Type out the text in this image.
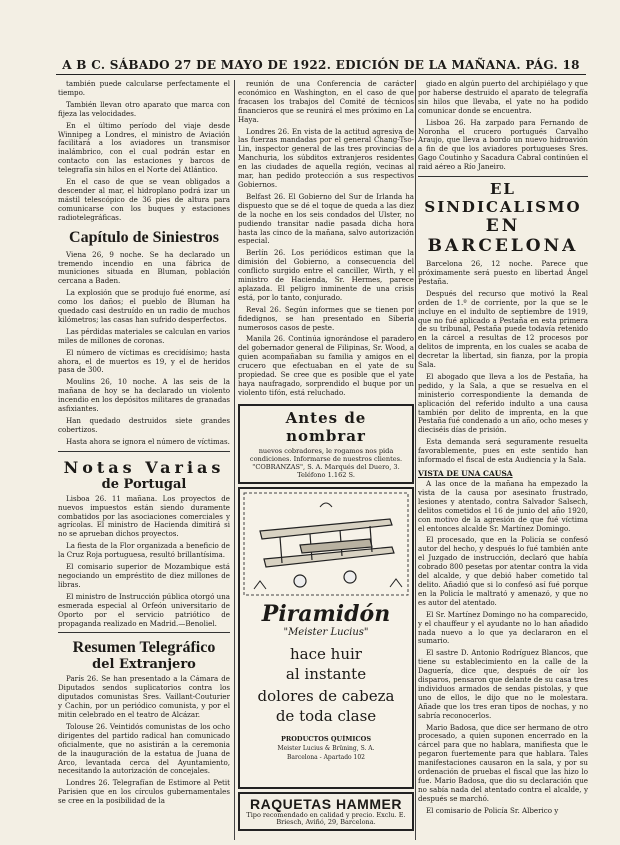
A B C. SÁBADO 27 DE MAYO DE 1922. EDICIÓN DE LA MAÑANA. PÁG. 18

también puede calcularse perfectamente el tiempo.

También llevan otro aparato que marca con fijeza las velocidades.

En el último período del viaje desde Winnipeg a Londres, el ministro de Aviación facilitará a los aviadores un transmisor inalámbrico, con el cual podrán estar en contacto con las estaciones y barcos de telegrafía sin hilos en el Norte del Atlántico.

En el caso de que se vean obligados a descender al mar, el hidroplano podrá izar un mástil telescópico de 36 pies de altura para comunicarse con los buques y estaciones radiotelegráficas.

Capítulo de Siniestros

Viena 26, 9 noche. Se ha declarado un tremendo incendio en una fábrica de municiones situada en Bluman, población cercana a Baden.

La explosión que se produjo fué enorme, así como los daños; el pueblo de Bluman ha quedado casi destruído en un radio de muchos kilómetros; las casas han sufrido desperfectos.

Las pérdidas materiales se calculan en varios miles de millones de coronas.

El número de víctimas es crecidísimo; hasta ahora, el de muertos es 19, y el de heridos pasa de 300.

Moulins 26, 10 noche. A las seis de la mañana de hoy se ha declarado un violento incendio en los depósitos militares de granadas asfixiantes.

Han quedado destruidos siete grandes cobertizos.

Hasta ahora se ignora el número de víctimas.

Notas Varias
de Portugal

Lisboa 26. 11 mañana. Los proyectos de nuevos impuestos están siendo duramente combatidos por las asociaciones comerciales y agrícolas. El ministro de Hacienda dimitirá si no se aprueban dichos proyectos.

La fiesta de la Flor organizada a beneficio de la Cruz Roja portuguesa, resultó brillantísima.

El comisario superior de Mozambique está negociando un empréstito de diez millones de libras.

El ministro de Instrucción pública otorgó una esmerada especial al Orfeón universitario de Oporto por el servicio patriótico de propaganda realizado en Madrid.—Benoliel.

Resumen Telegráfico
del Extranjero

París 26. Se han presentado a la Cámara de Diputados sendos suplicatorios contra los diputados comunistas Sres. Vaillant-Couturier y Cachin, por un periódico comunista, y por el mitin celebrado en el teatro de Alcázar.

Tolouse 26. Veintidós comunistas de los ocho dirigentes del partido radical han comunicado oficialmente, que no asistirán a la ceremonia de la inauguración de la estatua de Juana de Arco, levantada cerca del Ayuntamiento, necesitando la autorización de concejales.

Londres 26. Telegrafían de Estimore al Petit Parisien que en los círculos gubernamentales se cree en la posibilidad de la

reunión de una Conferencia de carácter económico en Washington, en el caso de que fracasen los trabajos del Comité de técnicos financieros que se reunirá el mes próximo en La Haya.

Londres 26. En vista de la actitud agresiva de las fuerzas mandadas por el general Chang-Tso-Lin, inspector general de las tres provincias de Manchuria, los súbditos extranjeros residentes en las ciudades de aquella región, vecinas al mar, han pedido protección a sus respectivos Gobiernos.

Belfast 26. El Gobierno del Sur de Irlanda ha dispuesto que se dé el toque de queda a las diez de la noche en los seis condados del Ulster, no pudiendo transitar nadie pasada dicha hora hasta las cinco de la mañana, salvo autorización especial.

Berlín 26. Los periódicos estiman que la dimisión del Gobierno, a consecuencia del conflicto surgido entre el canciller, Wirth, y el ministro de Hacienda, Sr. Hermes, parece aplazada. El peligro inminente de una crisis está, por lo tanto, conjurado.

Reval 26. Según informes que se tienen por fidedignos, se han presentado en Siberia numerosos casos de peste.

Manila 26. Continúa ignorándose el paradero del gobernador general de Filipinas, Sr. Wood, a quien acompañaban su familia y amigos en el crucero que efectuaban en el yate de su propiedad. Se cree que es posible que el yate haya naufragado, sorprendido el buque por un violento tifón, está reluchado.

Antes de nombrar
nuevos cobradores, le rogamos nos pida condiciones. Informarse de nuestros clientes. "COBRANZAS", S. A. Marqués del Duero, 3. Teléfono 1.162 S.
Piramidón
"Meister Lucius"
hace huir
al instante
dolores de cabeza
de toda clase
PRODUCTOS QUÍMICOS
Meister Lucius & Brüning, S. A.
Barcelona - Apartado 102
RAQUETAS HAMMER
Tipo recomendado en calidad y precio. Exclu. E. Briesch, Aviñó, 29, Barcelona.

giado en algún puerto del archipiélago y que por haberse destruido el aparato de telegrafía sin hilos que llevaba, el yate no ha podido comunicar donde se encuentra.

Lisboa 26. Ha zarpado para Fernando de Noronha el crucero portugués Carvalho Araujo, que lleva a bordo un nuevo hidroavión a fin de que los aviadores portugueses Sres. Gago Coutinho y Sacadura Cabral continúen el raid aéreo a Río Janeiro.

EL SINDICALISMO
EN BARCELONA

Barcelona 26, 12 noche. Parece que próximamente será puesto en libertad Ángel Pestaña.

Después del recurso que motivó la Real orden de 1.º de corriente, por la que se le incluye en el indulto de septiembre de 1919, que no fué aplicado a Pestaña en esta primera de su tribunal, Pestaña puede todavía retenido en la cárcel a resultas de 12 procesos por delitos de imprenta, en los cuales se acaba de decretar la libertad, sin fianza, por la propia Sala.

El abogado que lleva a los de Pestaña, ha pedido, y la Sala, a que se resuelva en el ministerio correspondiente la demanda de aplicación del referido indulto a una causa también por delito de imprenta, en la que Pestaña fué condenado a un año, ocho meses y dieciséis días de prisión.

Esta demanda será seguramente resuelta favorablemente, pues en este sentido han informado el fiscal de esta Audiencia y la Sala.

VISTA DE UNA CAUSA

A las once de la mañana ha empezado la vista de la causa por asesinato frustrado, lesiones y atentado, contra Salvador Salsech, delitos cometidos el 16 de junio del año 1920, con motivo de la agresión de que fué víctima el entonces alcalde Sr. Martínez Domingo.

El procesado, que en la Policía se confesó autor del hecho, y después lo fué también ante el Juzgado de instrucción, declaró que había cobrado 800 pesetas por atentar contra la vida del alcalde, y que debió haber cometido tal delito. Añadió que si lo confesó así fué porque en la Policía le maltrató y amenazó, y que no es autor del atentado.

El Sr. Martínez Domingo no ha comparecido, y el chauffeur y el ayudante no lo han añadido nada nuevo a lo que ya declararon en el sumario.

El sastre D. Antonio Rodríguez Blancos, que tiene su establecimiento en la calle de la Daguería, dice que, después de oír los disparos, pensaron que delante de su casa tres individuos armados de sendas pistolas, y que uno de ellos, le dijo que no le molestara. Añade que los tres eran tipos de nochas, y no sabría reconocerlos.

Mario Badosa, que dice ser hermano de otro procesado, a quien suponen encerrado en la cárcel para que no hablara, manifiesta que le pegaron fuertemente para que hablara. Tales manifestaciones causaron en la sala, y por su ordenación de pruebas el fiscal que las hizo lo fue. Mario Badosa, que dio su declaración que no sabía nada del atentado contra el alcalde, y después se marchó.

El comisario de Policía Sr. Alberico y
